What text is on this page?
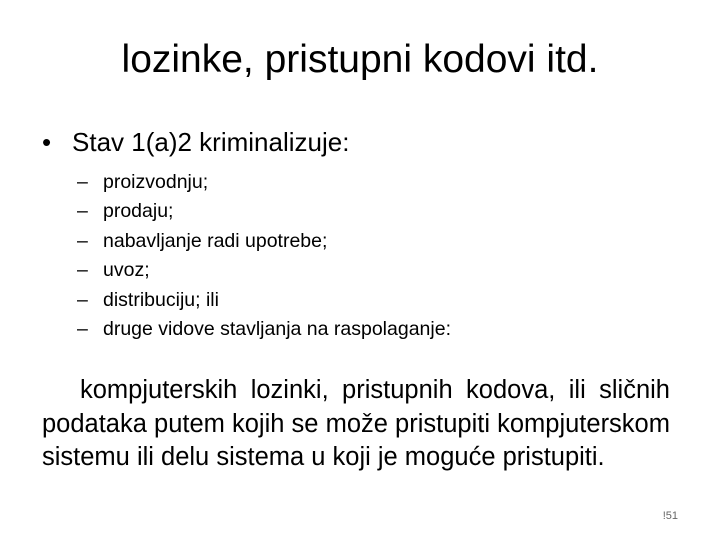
lozinke, pristupni kodovi itd.
• Stav 1(a)2 kriminalizuje:
– proizvodnju;
– prodaju;
– nabavljanje radi upotrebe;
– uvoz;
– distribuciju; ili
– druge vidove stavljanja na raspolaganje:

kompjuterskih lozinki, pristupnih kodova, ili sličnih podataka putem kojih se može pristupiti kompjuterskom sistemu ili delu sistema u koji je moguće pristupiti.

!51
